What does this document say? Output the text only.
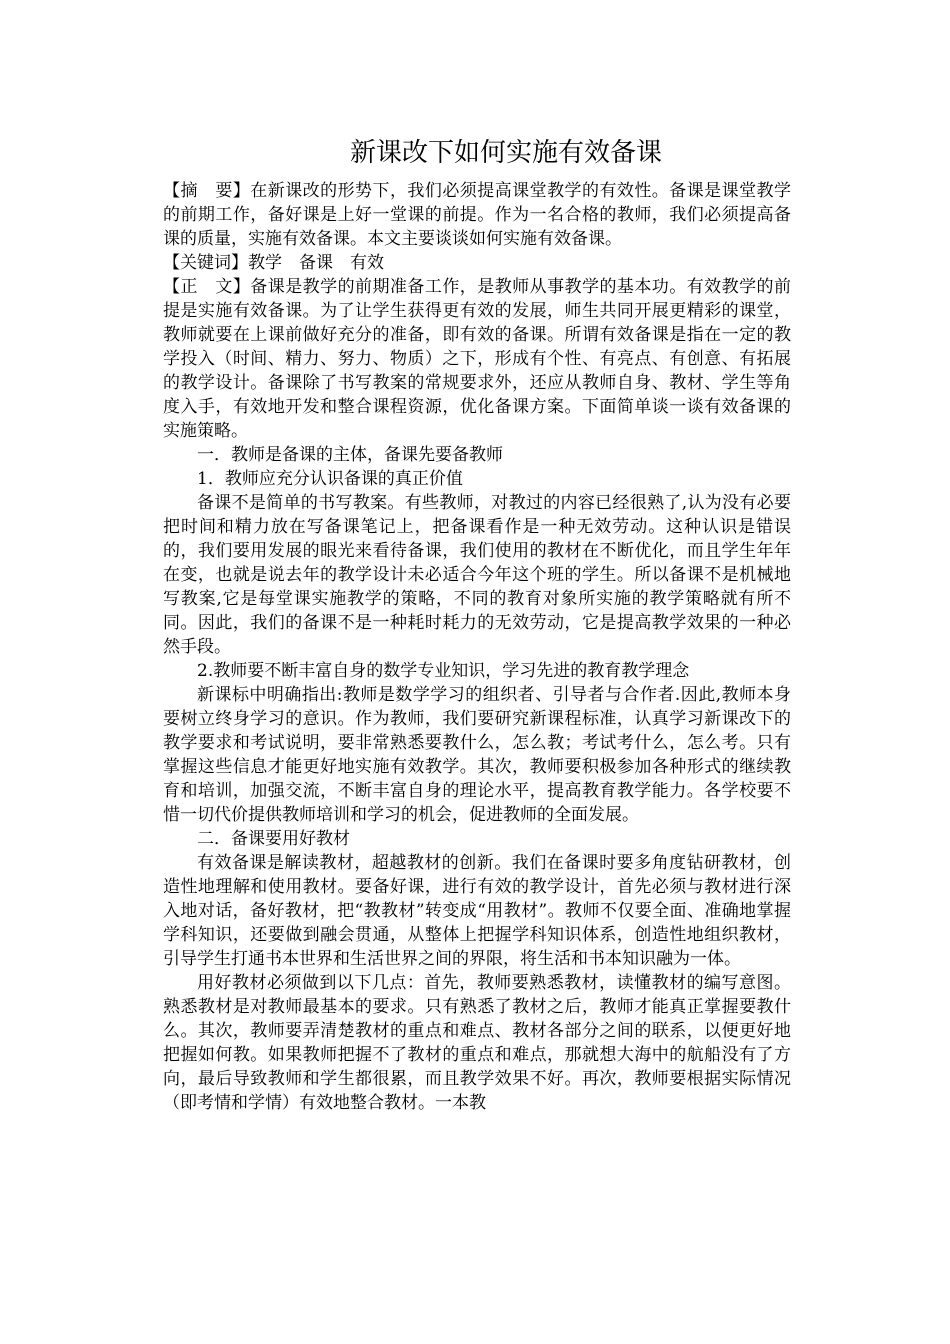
新课改下如何实施有效备课

【摘　要】在新课改的形势下，我们必须提高课堂教学的有效性。备课是课堂教学的前期工作，备好课是上好一堂课的前提。作为一名合格的教师，我们必须提高备课的质量，实施有效备课。本文主要谈谈如何实施有效备课。

【关键词】教学　备课　有效

【正　文】备课是教学的前期准备工作，是教师从事教学的基本功。有效教学的前提是实施有效备课。为了让学生获得更有效的发展，师生共同开展更精彩的课堂，教师就要在上课前做好充分的准备，即有效的备课。所谓有效备课是指在一定的教学投入（时间、精力、努力、物质）之下，形成有个性、有亮点、有创意、有拓展的教学设计。备课除了书写教案的常规要求外，还应从教师自身、教材、学生等角度入手，有效地开发和整合课程资源，优化备课方案。下面简单谈一谈有效备课的实施策略。

一．教师是备课的主体，备课先要备教师

1．教师应充分认识备课的真正价值

备课不是简单的书写教案。有些教师，对教过的内容已经很熟了,认为没有必要把时间和精力放在写备课笔记上，把备课看作是一种无效劳动。这种认识是错误的，我们要用发展的眼光来看待备课，我们使用的教材在不断优化，而且学生年年在变，也就是说去年的教学设计未必适合今年这个班的学生。所以备课不是机械地写教案,它是每堂课实施教学的策略，不同的教育对象所实施的教学策略就有所不同。因此，我们的备课不是一种耗时耗力的无效劳动，它是提高教学效果的一种必然手段。

2.教师要不断丰富自身的数学专业知识，学习先进的教育教学理念

新课标中明确指出:教师是数学学习的组织者、引导者与合作者.因此,教师本身要树立终身学习的意识。作为教师，我们要研究新课程标准，认真学习新课改下的教学要求和考试说明，要非常熟悉要教什么，怎么教；考试考什么，怎么考。只有掌握这些信息才能更好地实施有效教学。其次，教师要积极参加各种形式的继续教育和培训，加强交流，不断丰富自身的理论水平，提高教育教学能力。各学校要不惜一切代价提供教师培训和学习的机会，促进教师的全面发展。

二．备课要用好教材

有效备课是解读教材，超越教材的创新。我们在备课时要多角度钻研教材，创造性地理解和使用教材。要备好课，进行有效的教学设计，首先必须与教材进行深入地对话，备好教材，把“教教材”转变成“用教材”。教师不仅要全面、准确地掌握学科知识，还要做到融会贯通，从整体上把握学科知识体系，创造性地组织教材，引导学生打通书本世界和生活世界之间的界限，将生活和书本知识融为一体。

用好教材必须做到以下几点：首先，教师要熟悉教材，读懂教材的编写意图。熟悉教材是对教师最基本的要求。只有熟悉了教材之后，教师才能真正掌握要教什么。其次，教师要弄清楚教材的重点和难点、教材各部分之间的联系，以便更好地把握如何教。如果教师把握不了教材的重点和难点，那就想大海中的航船没有了方向，最后导致教师和学生都很累，而且教学效果不好。再次，教师要根据实际情况（即考情和学情）有效地整合教材。一本教
